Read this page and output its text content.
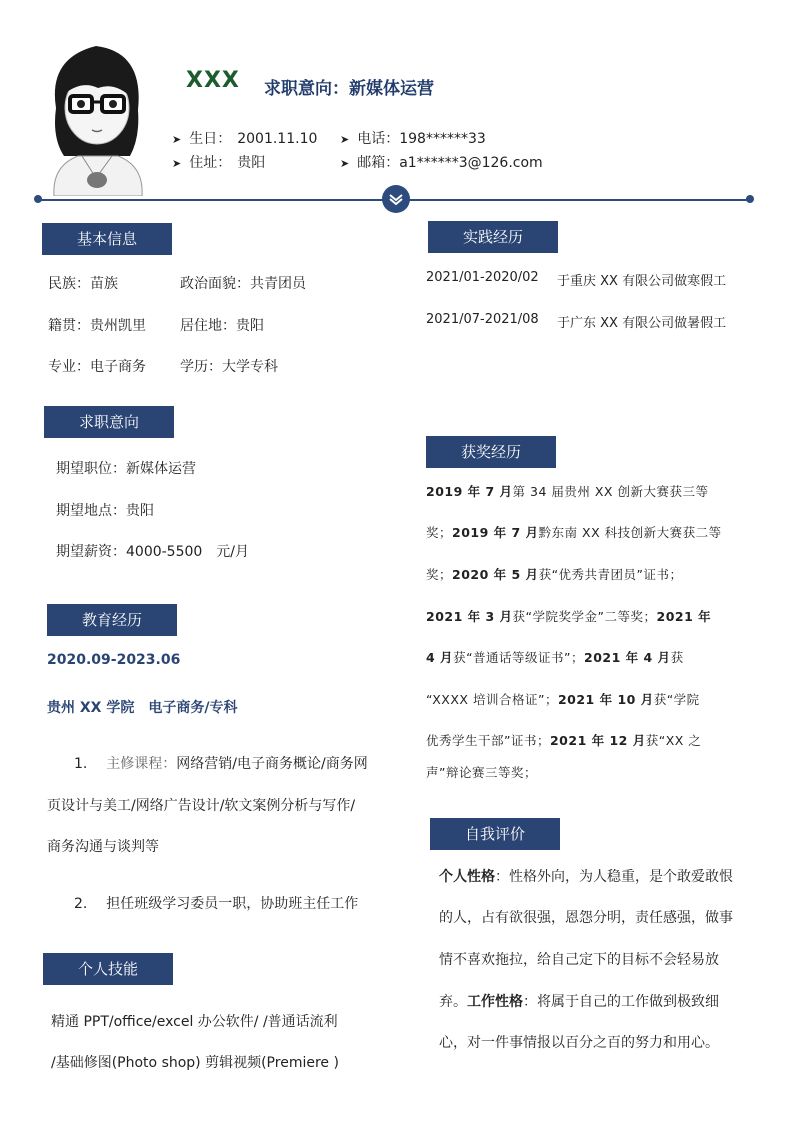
XXX 求职意向：新媒体运营
➤ 生日： 2001.11.10
➤ 住址： 贵阳
➤ 电话：198******33
➤ 邮箱：a1******3@126.com
基本信息
民族：苗族	政治面貌：共青团员
籍贯：贵州凯里 居住地：贵阳
专业：电子商务 学历：大学专科
求职意向
期望职位：新媒体运营
期望地点：贵阳
期望薪资：4000-5500　元/月
教育经历
2020.09-2023.06
贵州 XX 学院　电子商务/专科
1. 主修课程：网络营销/电子商务概论/商务网
页设计与美工/网络广告设计/软文案例分析与写作/
商务沟通与谈判等
2. 担任班级学习委员一职，协助班主任工作
个人技能
精通 PPT/office/excel 办公软件/ /普通话流利
/基础修图(Photo shop) 剪辑视频(Premiere )
实践经历
2021/01-2020/02 于重庆 XX 有限公司做寒假工
2021/07-2021/08 于广东 XX 有限公司做暑假工
获奖经历
2019 年 7 月第 34 届贵州 XX 创新大赛获三等
奖；2019 年 7 月黔东南 XX 科技创新大赛获二等
奖；2020 年 5 月获“优秀共青团员”证书；
2021 年 3 月获“学院奖学金”二等奖；2021 年
4 月获“普通话等级证书”；2021 年 4 月获
“XXXX 培训合格证”；2021 年 10 月获“学院
优秀学生干部”证书；2021 年 12 月获“XX 之
声”辩论赛三等奖；
自我评价
个人性格：性格外向，为人稳重，是个敢爱敢恨
的人，占有欲很强，恩怨分明，责任感强，做事
情不喜欢拖拉，给自己定下的目标不会轻易放
弃。工作性格：将属于自己的工作做到极致细
心，对一件事情报以百分之百的努力和用心。
